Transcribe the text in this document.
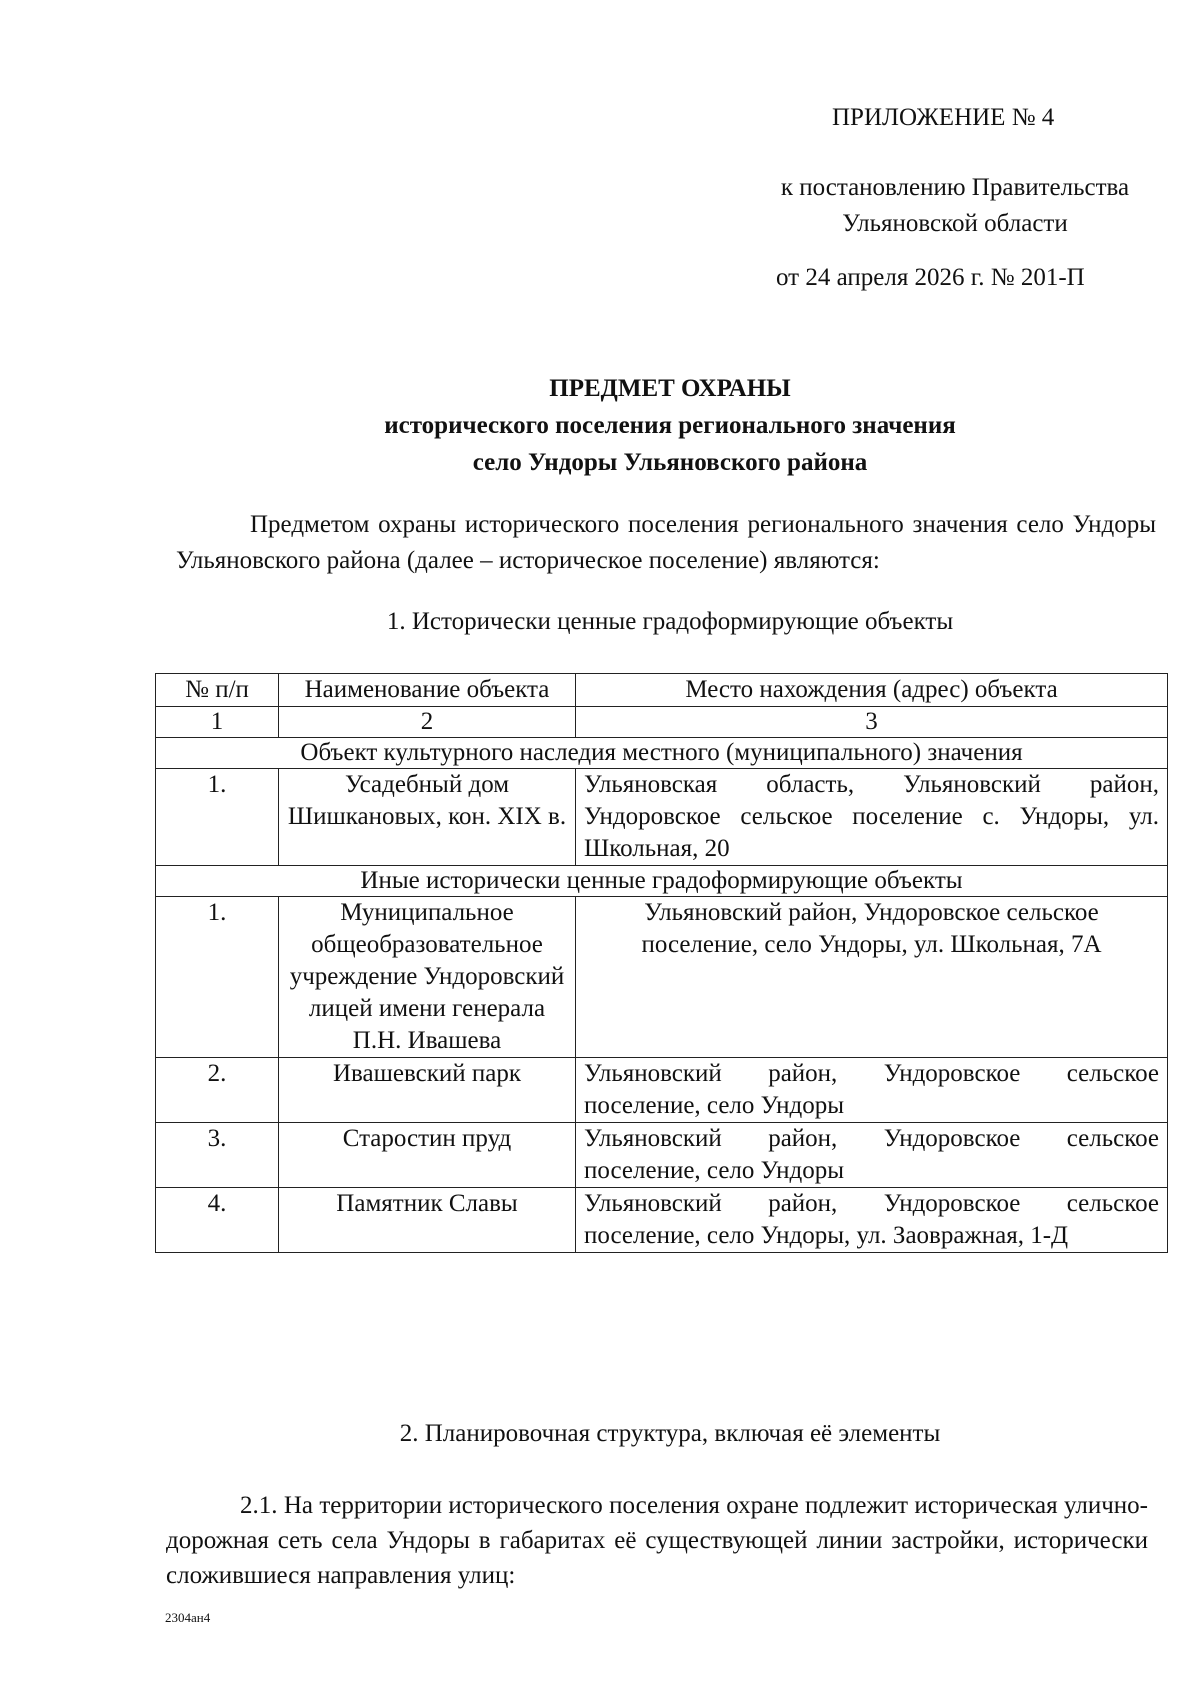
ПРИЛОЖЕНИЕ № 4
к постановлению Правительства
Ульяновской области
от 24 апреля 2026 г. № 201-П
ПРЕДМЕТ ОХРАНЫ
исторического поселения регионального значения
село Ундоры Ульяновского района
Предметом охраны исторического поселения регионального значения село Ундоры Ульяновского района (далее – историческое поселение) являются:
1. Исторически ценные градоформирующие объекты
№ п/п	Наименование объекта	Место нахождения (адрес) объекта
1	2	3
Объект культурного наследия местного (муниципального) значения		
1.	Усадебный дом Шишкановых, кон. XIX в.	Ульяновская область, Ульяновский район, Ундоровское сельское поселение с. Ундоры, ул. Школьная, 20
Иные исторически ценные градоформирующие объекты		
1.	Муниципальное общеобразовательное учреждение Ундоровский лицей имени генерала П.Н. Ивашева	Ульяновский район, Ундоровское сельское поселение, село Ундоры, ул. Школьная, 7А
2.	Ивашевский парк	Ульяновский район, Ундоровское сельское поселение, село Ундоры
3.	Старостин пруд	Ульяновский район, Ундоровское сельское поселение, село Ундоры
4.	Памятник Славы	Ульяновский район, Ундоровское сельское поселение, село Ундоры, ул. Заовражная, 1-Д
2. Планировочная структура, включая её элементы
2.1. На территории исторического поселения охране подлежит историческая улично-дорожная сеть села Ундоры в габаритах её существующей линии застройки, исторически сложившиеся направления улиц:
2304ан4
